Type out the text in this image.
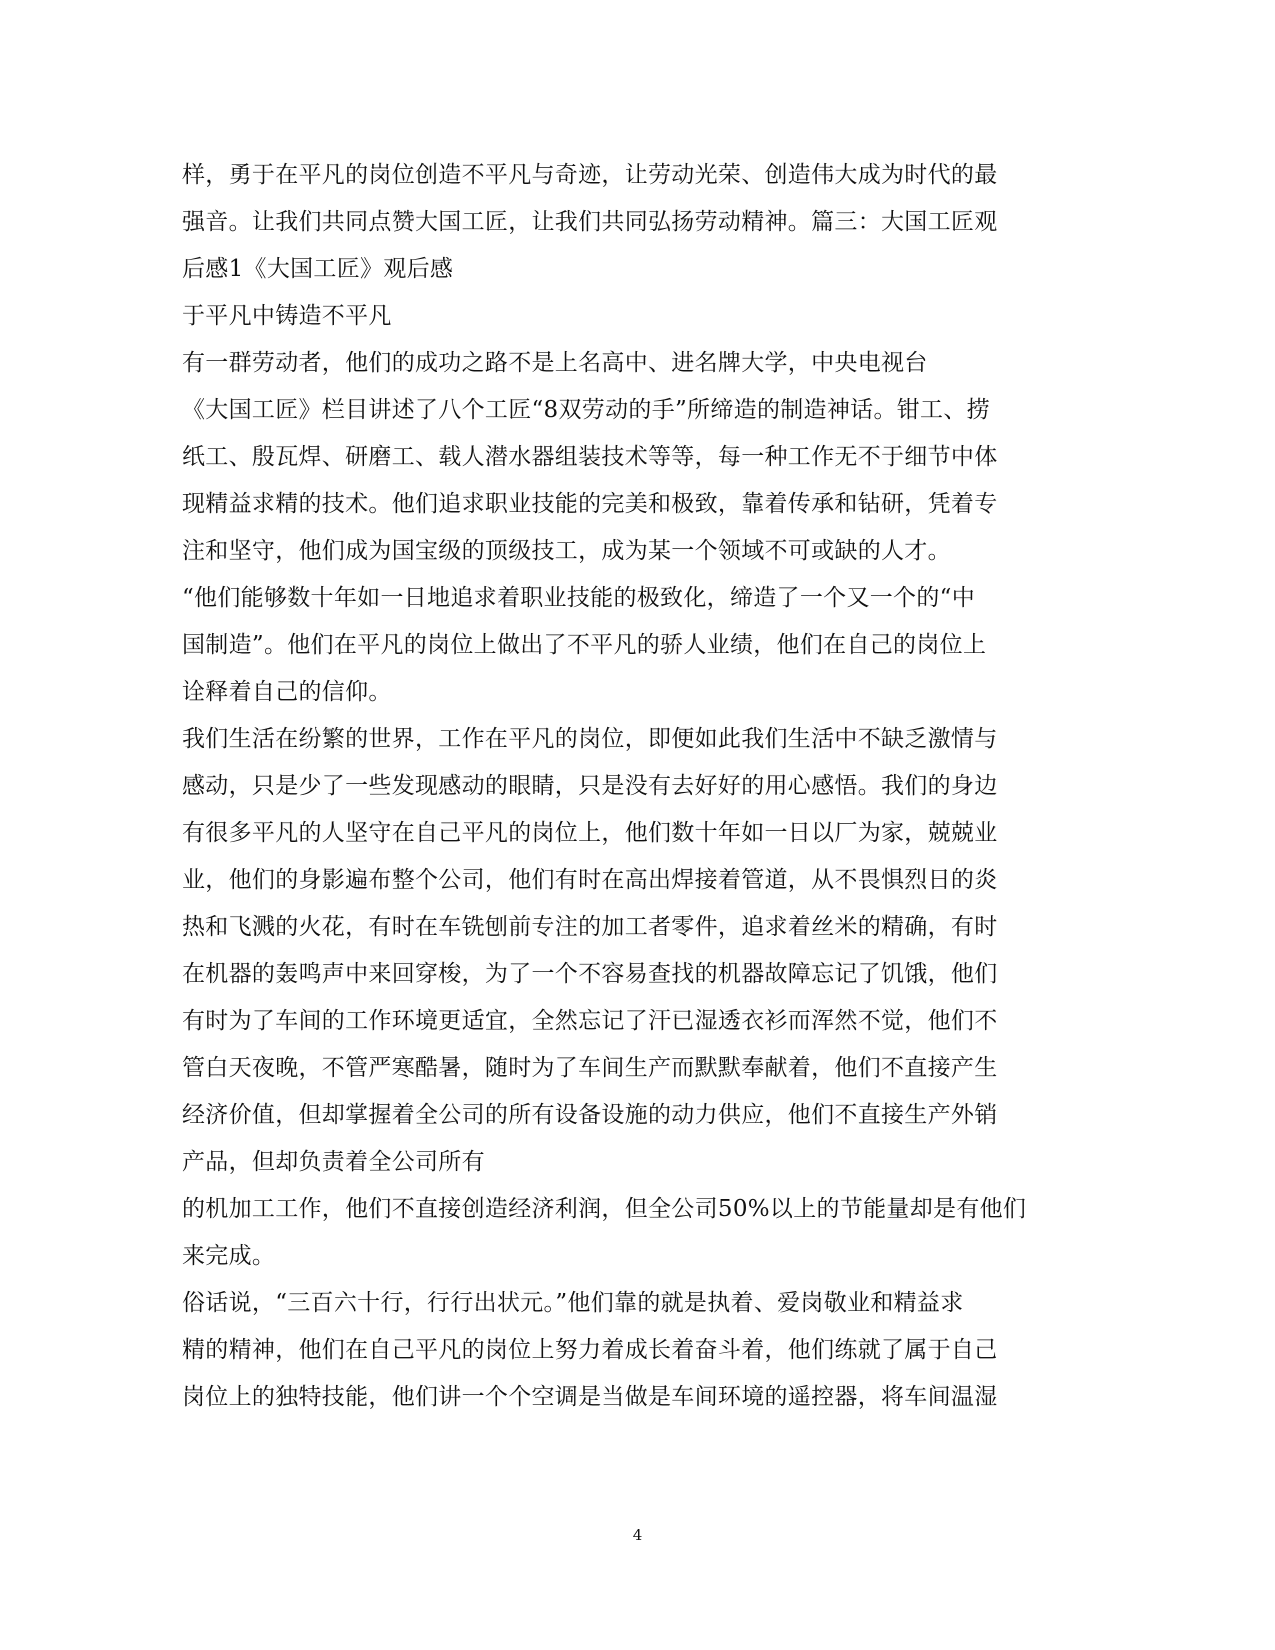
样，勇于在平凡的岗位创造不平凡与奇迹，让劳动光荣、创造伟大成为时代的最
强音。让我们共同点赞大国工匠，让我们共同弘扬劳动精神。篇三：大国工匠观
后感1《大国工匠》观后感
于平凡中铸造不平凡
有一群劳动者，他们的成功之路不是上名高中、进名牌大学，中央电视台
《大国工匠》栏目讲述了八个工匠“8双劳动的手”所缔造的制造神话。钳工、捞
纸工、殷瓦焊、研磨工、载人潜水器组装技术等等，每一种工作无不于细节中体
现精益求精的技术。他们追求职业技能的完美和极致，靠着传承和钻研，凭着专
注和坚守，他们成为国宝级的顶级技工，成为某一个领域不可或缺的人才。
“他们能够数十年如一日地追求着职业技能的极致化，缔造了一个又一个的“中
国制造”。他们在平凡的岗位上做出了不平凡的骄人业绩，他们在自己的岗位上
诠释着自己的信仰。
我们生活在纷繁的世界，工作在平凡的岗位，即便如此我们生活中不缺乏激情与
感动，只是少了一些发现感动的眼睛，只是没有去好好的用心感悟。我们的身边
有很多平凡的人坚守在自己平凡的岗位上，他们数十年如一日以厂为家，兢兢业
业，他们的身影遍布整个公司，他们有时在高出焊接着管道，从不畏惧烈日的炎
热和飞溅的火花，有时在车铣刨前专注的加工者零件，追求着丝米的精确，有时
在机器的轰鸣声中来回穿梭，为了一个不容易查找的机器故障忘记了饥饿，他们
有时为了车间的工作环境更适宜，全然忘记了汗已湿透衣衫而浑然不觉，他们不
管白天夜晚，不管严寒酷暑，随时为了车间生产而默默奉献着，他们不直接产生
经济价值，但却掌握着全公司的所有设备设施的动力供应，他们不直接生产外销
产品，但却负责着全公司所有
的机加工工作，他们不直接创造经济利润，但全公司50%以上的节能量却是有他们
来完成。
俗话说，“三百六十行，行行出状元。”他们靠的就是执着、爱岗敬业和精益求
精的精神，他们在自己平凡的岗位上努力着成长着奋斗着，他们练就了属于自己
岗位上的独特技能，他们讲一个个空调是当做是车间环境的遥控器，将车间温湿
4
